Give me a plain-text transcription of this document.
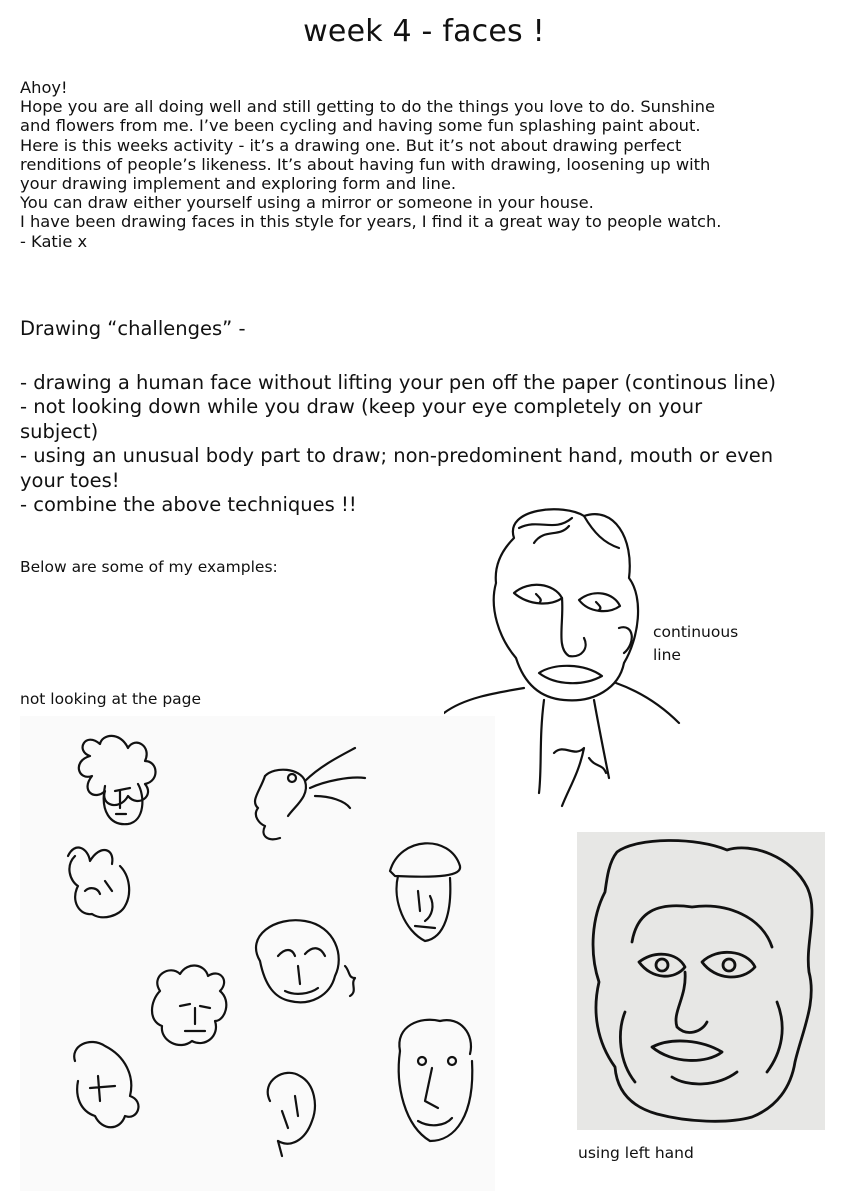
week 4 - faces !
Ahoy!
Hope you are all doing well and still getting to do the things you love to do. Sunshine
and flowers from me. I’ve been cycling and having some fun splashing paint about.
Here is this weeks activity - it’s a drawing one. But it’s not about drawing perfect
renditions of people’s likeness. It’s about having fun with drawing, loosening up with
your drawing implement and exploring form and line.
You can draw either yourself using a mirror or someone in your house.
I have been drawing faces in this style for years, I find it a great way to people watch.
- Katie x
Drawing “challenges” -
- drawing a human face without lifting your pen off the paper (continous line)
- not looking down while you draw (keep your eye completely on your
subject)
- using an unusual body part to draw; non-predominent hand, mouth or even
your toes!
- combine the above techniques !!
Below are some of my examples:
continuous
line
not looking at the page
using left hand
